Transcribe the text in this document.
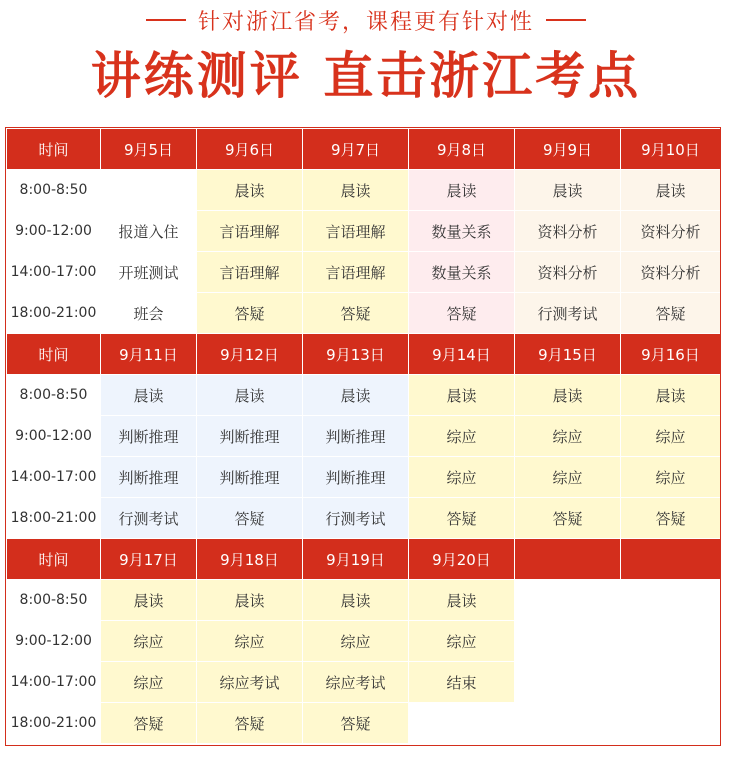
针对浙江省考，课程更有针对性
讲练测评 直击浙江考点
时间	9月5日	9月6日	9月7日	9月8日	9月9日	9月10日
8:00-8:50		晨读	晨读	晨读	晨读	晨读
9:00-12:00	报道入住	言语理解	言语理解	数量关系	资料分析	资料分析
14:00-17:00	开班测试	言语理解	言语理解	数量关系	资料分析	资料分析
18:00-21:00	班会	答疑	答疑	答疑	行测考试	答疑
时间	9月11日	9月12日	9月13日	9月14日	9月15日	9月16日
8:00-8:50	晨读	晨读	晨读	晨读	晨读	晨读
9:00-12:00	判断推理	判断推理	判断推理	综应	综应	综应
14:00-17:00	判断推理	判断推理	判断推理	综应	综应	综应
18:00-21:00	行测考试	答疑	行测考试	答疑	答疑	答疑
时间	9月17日	9月18日	9月19日	9月20日		
8:00-8:50	晨读	晨读	晨读	晨读		
9:00-12:00	综应	综应	综应	综应		
14:00-17:00	综应	综应考试	综应考试	结束		
18:00-21:00	答疑	答疑	答疑			
